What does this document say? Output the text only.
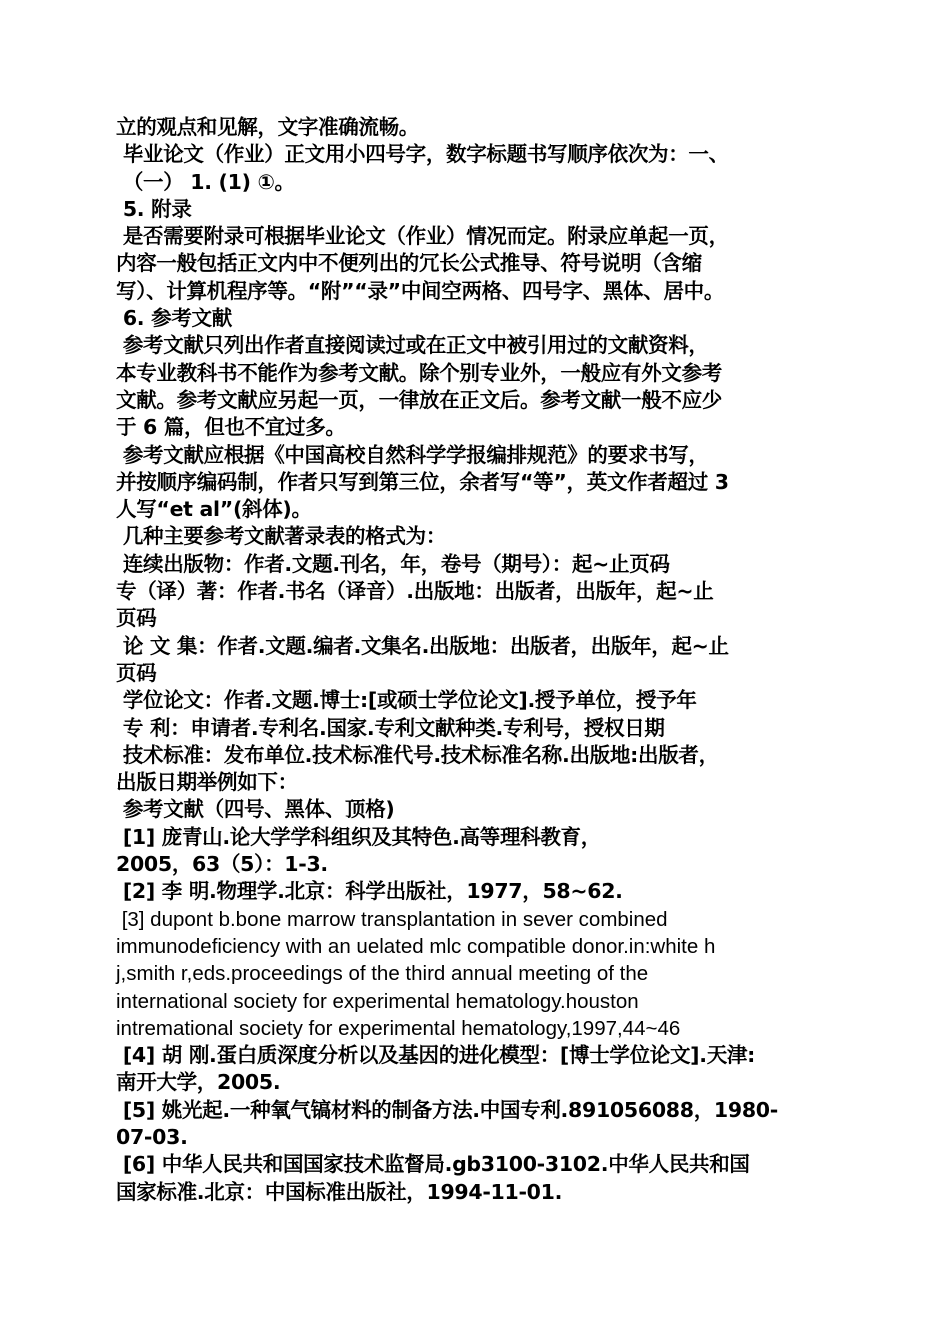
立的观点和见解，文字准确流畅。
毕业论文（作业）正文用小四号字，数字标题书写顺序依次为：一、
（一） 1. (1) ①。
5. 附录
是否需要附录可根据毕业论文（作业）情况而定。附录应单起一页，
内容一般包括正文内中不便列出的冗长公式推导、符号说明（含缩
写）、计算机程序等。“附”“录”中间空两格、四号字、黑体、居中。
6. 参考文献
参考文献只列出作者直接阅读过或在正文中被引用过的文献资料，
本专业教科书不能作为参考文献。除个别专业外，一般应有外文参考
文献。参考文献应另起一页，一律放在正文后。参考文献一般不应少
于 6 篇，但也不宜过多。
参考文献应根据《中国高校自然科学学报编排规范》的要求书写，
并按顺序编码制，作者只写到第三位，余者写“等”，英文作者超过 3
人写“et al”(斜体)。
几种主要参考文献著录表的格式为：
连续出版物：作者.文题.刊名，年，卷号（期号）：起~止页码
专（译）著：作者.书名（译音）.出版地：出版者，出版年，起~止
页码
论 文 集：作者.文题.编者.文集名.出版地：出版者，出版年，起~止
页码
学位论文：作者.文题.博士:[或硕士学位论文].授予单位，授予年
专 利：申请者.专利名.国家.专利文献种类.专利号，授权日期
技术标准：发布单位.技术标准代号.技术标准名称.出版地:出版者，
出版日期举例如下：
参考文献（四号、黑体、顶格)
[1] 庞青山.论大学学科组织及其特色.高等理科教育，
2005，63（5）：1-3.
[2] 李 明.物理学.北京：科学出版社，1977，58~62.
[3] dupont b.bone marrow transplantation in sever combined
immunodeficiency with an uelated mlc compatible donor.in:white h
j,smith r,eds.proceedings of the third annual meeting of the
international society for experimental hematology.houston
intremational society for experimental hematology,1997,44~46
[4] 胡 刚.蛋白质深度分析以及基因的进化模型：[博士学位论文].天津:
南开大学，2005.
[5] 姚光起.一种氧气镐材料的制备方法.中国专利.891056088，1980-
07-03.
[6] 中华人民共和国国家技术监督局.gb3100-3102.中华人民共和国
国家标准.北京：中国标准出版社，1994-11-01.
